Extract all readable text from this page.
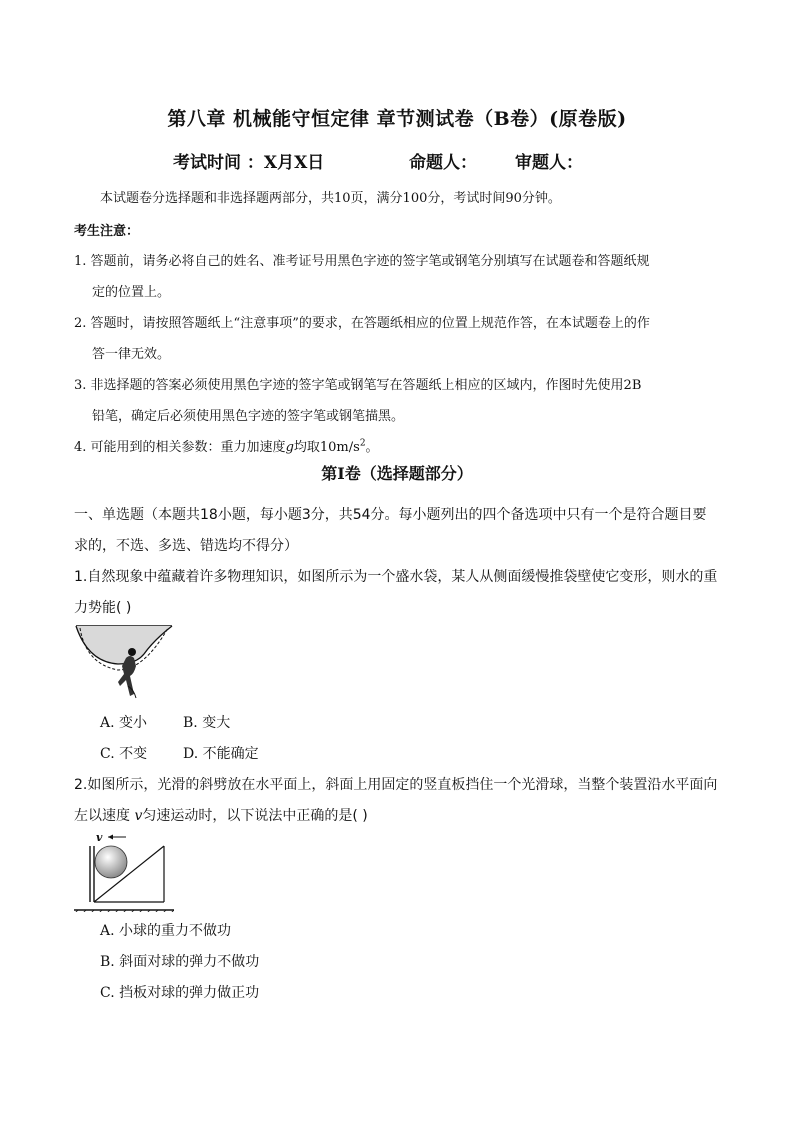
第八章 机械能守恒定律 章节测试卷（B卷）(原卷版)
考试时间 ：X月X日	命题人： 审题人：
本试题卷分选择题和非选择题两部分，共10页，满分100分，考试时间90分钟。
考生注意：
1. 答题前，请务必将自己的姓名、准考证号用黑色字迹的签字笔或钢笔分别填写在试题卷和答题纸规
定的位置上。
2. 答题时，请按照答题纸上“注意事项”的要求，在答题纸相应的位置上规范作答，在本试题卷上的作
答一律无效。
3. 非选择题的答案必须使用黑色字迹的签字笔或钢笔写在答题纸上相应的区域内，作图时先使用2B
铅笔，确定后必须使用黑色字迹的签字笔或钢笔描黑。
4. 可能用到的相关参数：重力加速度g均取$10m/s^2$。
第I卷（选择题部分）
一、单选题（本题共18小题，每小题3分，共54分。每小题列出的四个备选项中只有一个是符合题目要
求的，不选、多选、错选均不得分）
1.自然现象中蕴藏着许多物理知识，如图所示为一个盛水袋，某人从侧面缓慢推袋壁使它变形，则水的重
力势能( )
A. 变小	B. 变大
C. 不变	D. 不能确定
2.如图所示，光滑的斜劈放在水平面上，斜面上用固定的竖直板挡住一个光滑球，当整个装置沿水平面向
左以速度 v匀速运动时，以下说法中正确的是( )
v
A. 小球的重力不做功
B. 斜面对球的弹力不做功
C. 挡板对球的弹力做正功
